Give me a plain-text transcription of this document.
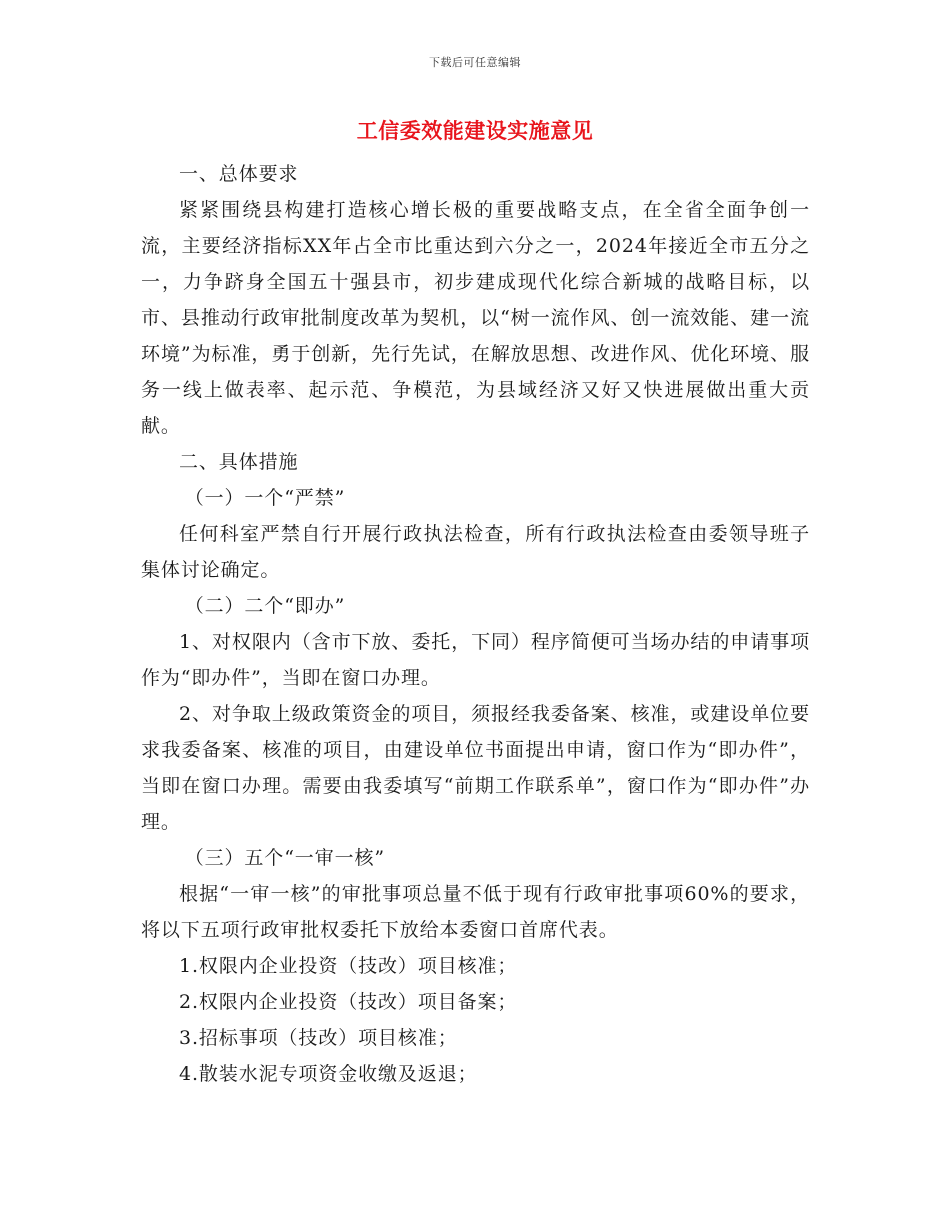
下载后可任意编辑
工信委效能建设实施意见

一、总体要求

紧紧围绕县构建打造核心增长极的重要战略支点，在全省全面争创一流，主要经济指标XX年占全市比重达到六分之一，2024年接近全市五分之一，力争跻身全国五十强县市，初步建成现代化综合新城的战略目标，以市、县推动行政审批制度改革为契机，以“树一流作风、创一流效能、建一流环境”为标准，勇于创新，先行先试，在解放思想、改进作风、优化环境、服务一线上做表率、起示范、争模范，为县域经济又好又快进展做出重大贡献。

二、具体措施

（一）一个“严禁”

任何科室严禁自行开展行政执法检查，所有行政执法检查由委领导班子集体讨论确定。

（二）二个“即办”

1、对权限内（含市下放、委托，下同）程序简便可当场办结的申请事项作为“即办件”，当即在窗口办理。

2、对争取上级政策资金的项目，须报经我委备案、核准，或建设单位要求我委备案、核准的项目，由建设单位书面提出申请，窗口作为“即办件”，当即在窗口办理。需要由我委填写“前期工作联系单”，窗口作为“即办件”办理。

（三）五个“一审一核”

根据“一审一核”的审批事项总量不低于现有行政审批事项60%的要求，将以下五项行政审批权委托下放给本委窗口首席代表。

1.权限内企业投资（技改）项目核准；

2.权限内企业投资（技改）项目备案；

3.招标事项（技改）项目核准；

4.散装水泥专项资金收缴及返退；
